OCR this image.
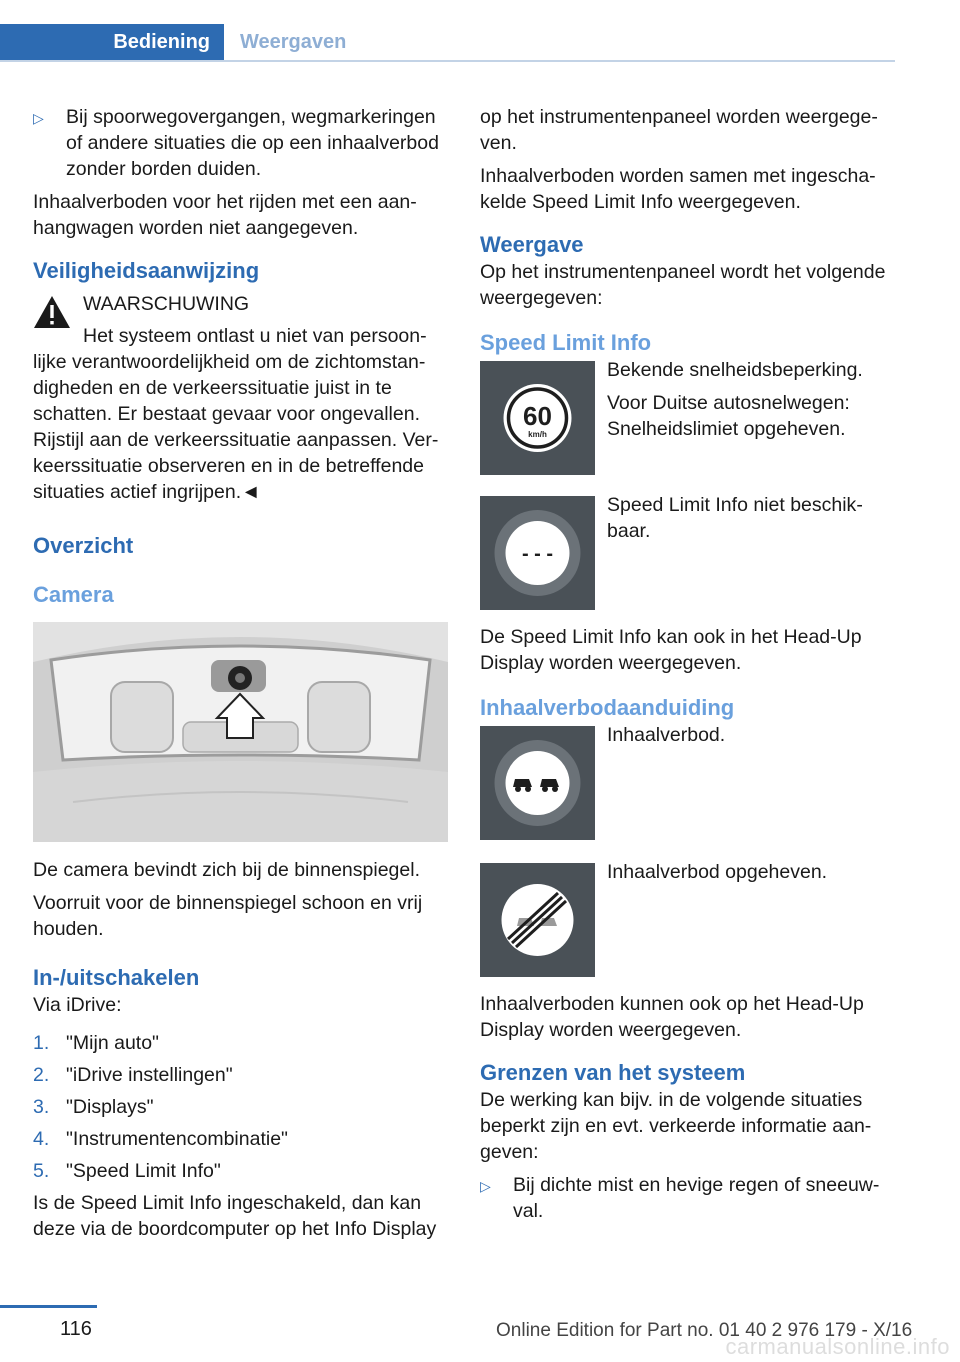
Bediening	Weergaven
▷ Bij spoorwegovergangen, wegmarkeringen of andere situaties die op een inhaalverbod zonder borden duiden.

Inhaalverboden voor het rijden met een aanhangwagen worden niet aangegeven.

Veiligheidsaanwijzing
WAARSCHUWING
Het systeem ontlast u niet van persoonlijke verantwoordelijkheid om de zichtomstandigheden en de verkeerssituatie juist in te schatten. Er bestaat gevaar voor ongevallen. Rijstijl aan de verkeerssituatie aanpassen. Verkeerssituatie observeren en in de betreffende situaties actief ingrijpen.◄
Overzicht
Camera

De camera bevindt zich bij de binnenspiegel.

Voorruit voor de binnenspiegel schoon en vrij houden.

In-/uitschakelen

Via iDrive:

1. "Mijn auto"
2. "iDrive instellingen"
3. "Displays"
4. "Instrumentencombinatie"
5. "Speed Limit Info"

Is de Speed Limit Info ingeschakeld, dan kan deze via de boordcomputer op het Info Display

op het instrumentenpaneel worden weergegeven.

Inhaalverboden worden samen met ingeschakelde Speed Limit Info weergegeven.

Weergave

Op het instrumentenpaneel wordt het volgende weergegeven:

Speed Limit Info
60
km/h

Bekende snelheidsbeperking.

Voor Duitse autosnelwegen: Snelheidslimiet opgeheven.

- - -

Speed Limit Info niet beschikbaar.

De Speed Limit Info kan ook in het Head-Up Display worden weergegeven.

Inhaalverbodaanduiding

Inhaalverbod.

Inhaalverbod opgeheven.

Inhaalverboden kunnen ook op het Head-Up Display worden weergegeven.

Grenzen van het systeem

De werking kan bijv. in de volgende situaties beperkt zijn en evt. verkeerde informatie aangeven:

▷ Bij dichte mist en hevige regen of sneeuwval.
116	Online Edition for Part no. 01 40 2 976 179 - X/16
carmanualsonline.info
